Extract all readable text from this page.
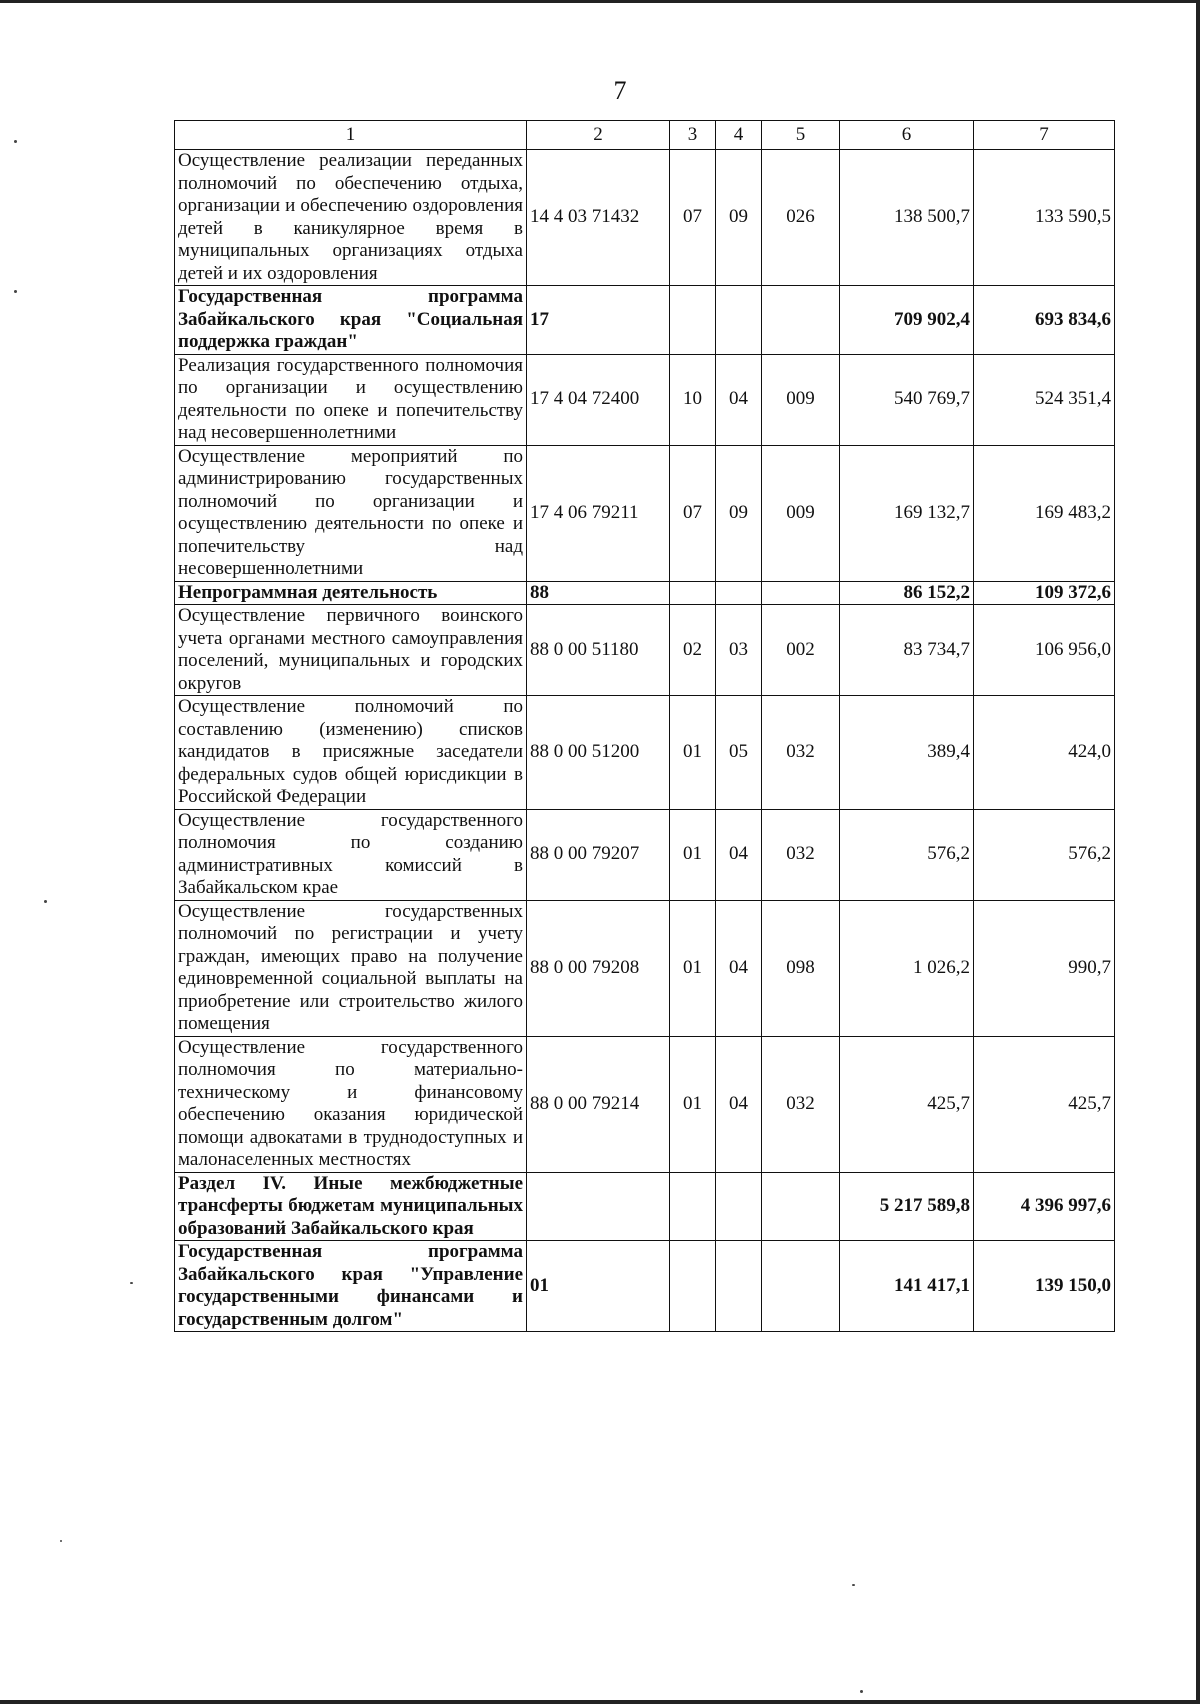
7
1	2	3	4	5	6	7
Осуществление реализации переданных полномочий по обеспечению отдыха, организации и обеспечению оздоровления детей в каникулярное время в муниципальных организациях отдыха детей и их оздоровления	14 4 03 71432	07	09	026	138 500,7	133 590,5
Государственная программа Забайкальского края "Социальная поддержка граждан"	17				709 902,4	693 834,6
Реализация государственного полномочия по организации и осуществлению деятельности по опеке и попечительству над несовершеннолетними	17 4 04 72400	10	04	009	540 769,7	524 351,4
Осуществление мероприятий по администрированию государственных полномочий по организации и осуществлению деятельности по опеке и попечительству над несовершеннолетними	17 4 06 79211	07	09	009	169 132,7	169 483,2
Непрограммная деятельность	88				86 152,2	109 372,6
Осуществление первичного воинского учета органами местного самоуправления поселений, муниципальных и городских округов	88 0 00 51180	02	03	002	83 734,7	106 956,0
Осуществление полномочий по составлению (изменению) списков кандидатов в присяжные заседатели федеральных судов общей юрисдикции в Российской Федерации	88 0 00 51200	01	05	032	389,4	424,0
Осуществление государственного полномочия по созданию административных комиссий в Забайкальском крае	88 0 00 79207	01	04	032	576,2	576,2
Осуществление государственных полномочий по регистрации и учету граждан, имеющих право на получение единовременной социальной выплаты на приобретение или строительство жилого помещения	88 0 00 79208	01	04	098	1 026,2	990,7
Осуществление государственного полномочия по материально-техническому и финансовому обеспечению оказания юридической помощи адвокатами в труднодоступных и малонаселенных местностях	88 0 00 79214	01	04	032	425,7	425,7
Раздел IV. Иные межбюджетные трансферты бюджетам муниципальных образований Забайкальского края					5 217 589,8	4 396 997,6
Государственная программа Забайкальского края "Управление государственными финансами и государственным долгом"	01				141 417,1	139 150,0
